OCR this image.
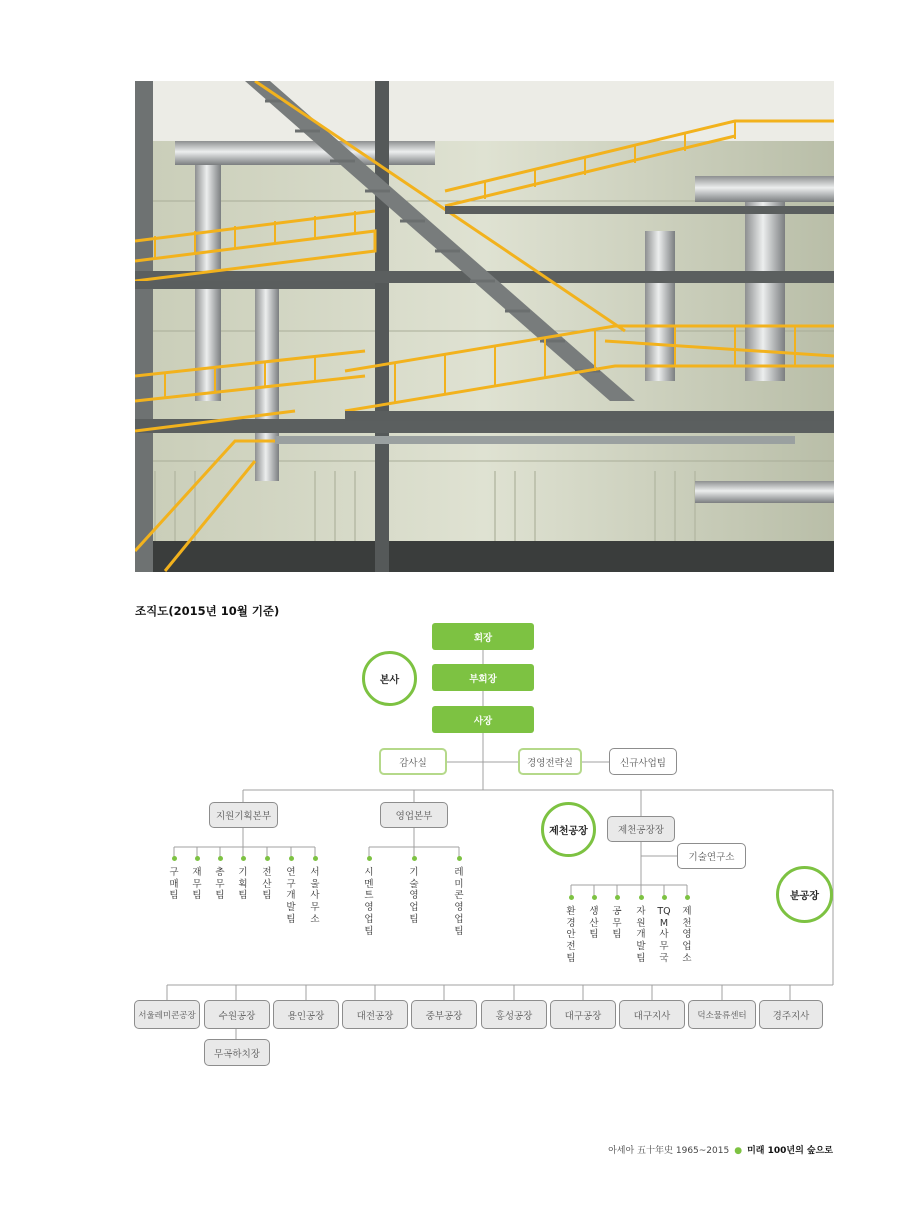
조직도(2015년 10월 기준)
회장
부회장
사장
본사
감사실	경영전략실	신규사업팀
지원기획본부	영업본부
제천공장장
제천공장
기술연구소
분공장
구매팀
재무팀
총무팀
기획팀
전산팀
연구개발팀
서울사무소
시멘트영업팀
기술영업팀
레미콘영업팀
환경안전팀
생산팀
공무팀
자원개발팀
TQM사무국
제천영업소
서울레미콘공장	수원공장	용인공장	대전공장	중부공장	홍성공장	대구공장	대구지사	덕소물류센터	경주지사
무곡하치장
아세아 五十年史 1965~2015 ● 미래 100년의 숲으로
